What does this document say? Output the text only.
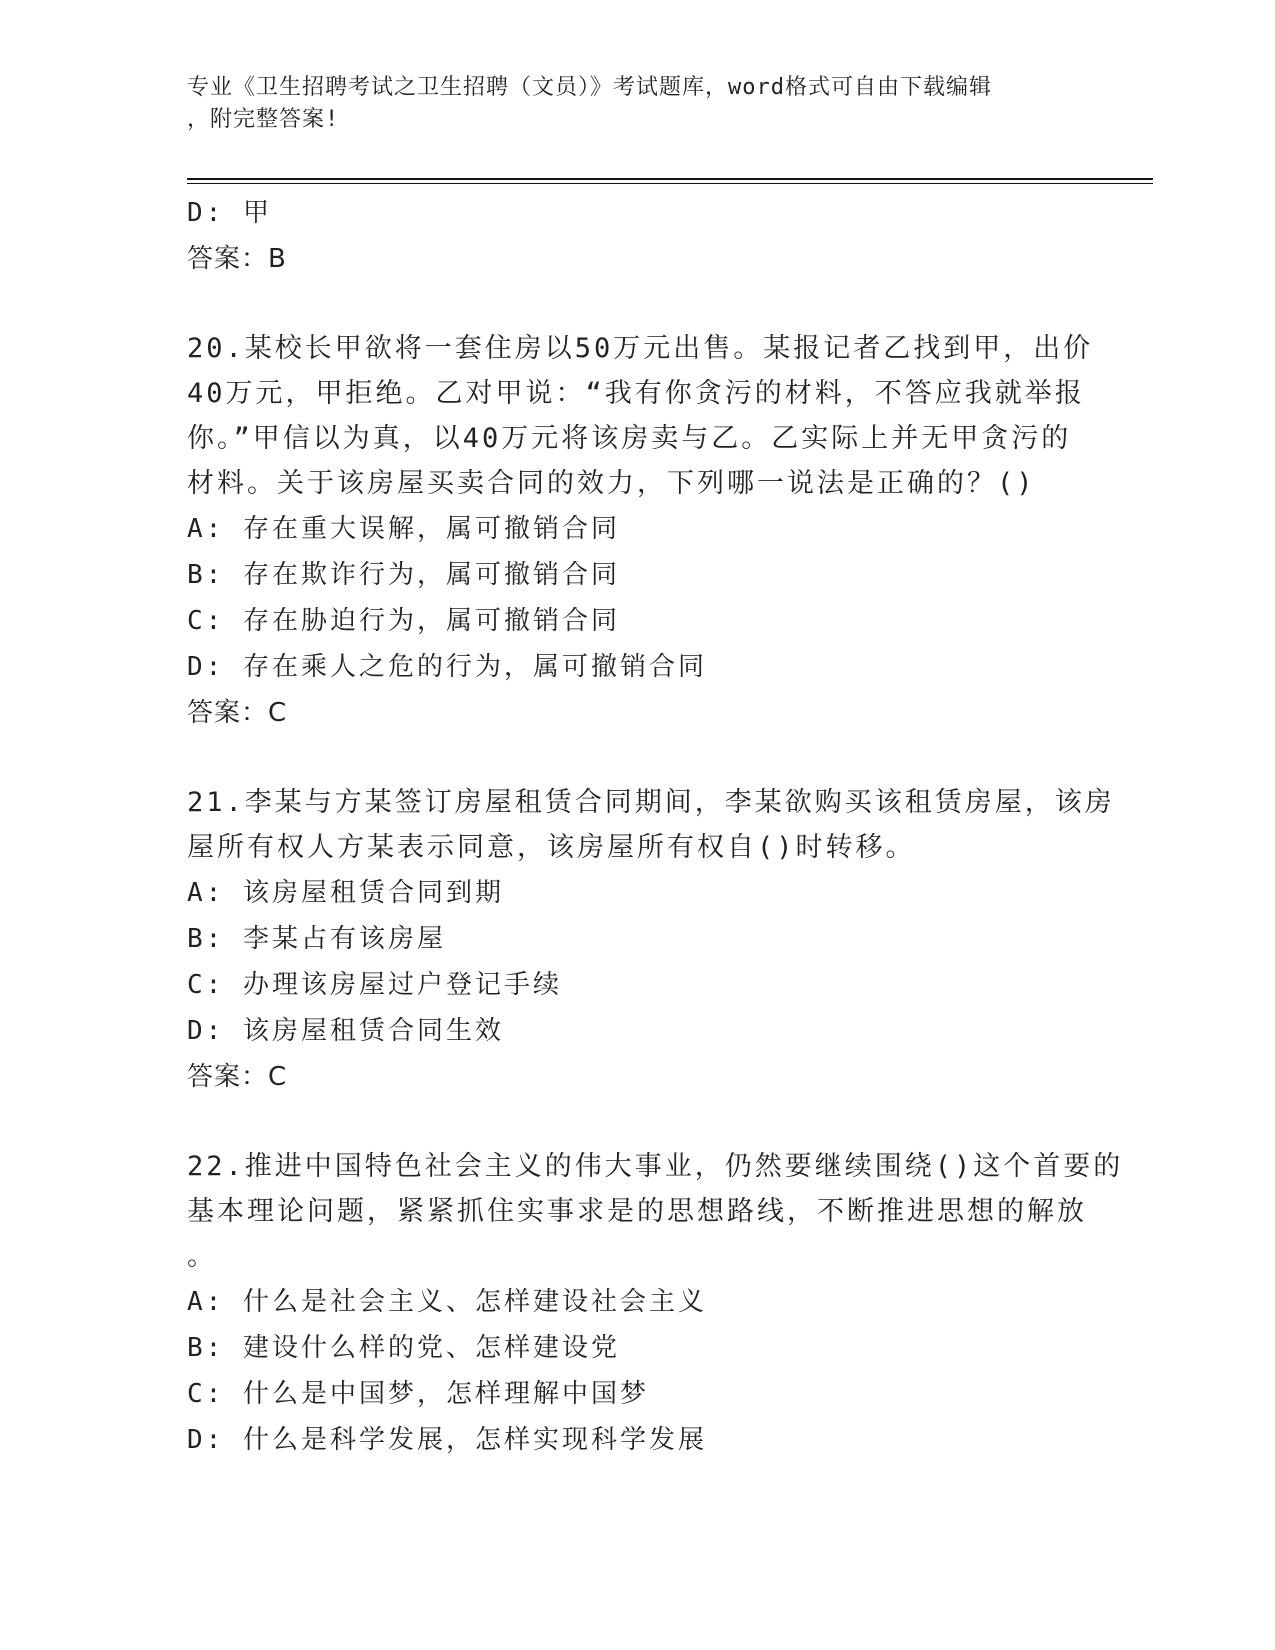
专业《卫生招聘考试之卫生招聘（文员）》考试题库，word格式可自由下载编辑
，附完整答案!
D: 甲
答案：B
20.某校长甲欲将一套住房以50万元出售。某报记者乙找到甲，出价
40万元，甲拒绝。乙对甲说：“我有你贪污的材料，不答应我就举报
你。”甲信以为真，以40万元将该房卖与乙。乙实际上并无甲贪污的
材料。关于该房屋买卖合同的效力，下列哪一说法是正确的？()
A: 存在重大误解，属可撤销合同
B: 存在欺诈行为，属可撤销合同
C: 存在胁迫行为，属可撤销合同
D: 存在乘人之危的行为，属可撤销合同
答案：C
21.李某与方某签订房屋租赁合同期间，李某欲购买该租赁房屋，该房
屋所有权人方某表示同意，该房屋所有权自()时转移。
A: 该房屋租赁合同到期
B: 李某占有该房屋
C: 办理该房屋过户登记手续
D: 该房屋租赁合同生效
答案：C
22.推进中国特色社会主义的伟大事业，仍然要继续围绕()这个首要的
基本理论问题，紧紧抓住实事求是的思想路线，不断推进思想的解放
。
A: 什么是社会主义、怎样建设社会主义
B: 建设什么样的党、怎样建设党
C: 什么是中国梦，怎样理解中国梦
D: 什么是科学发展，怎样实现科学发展
